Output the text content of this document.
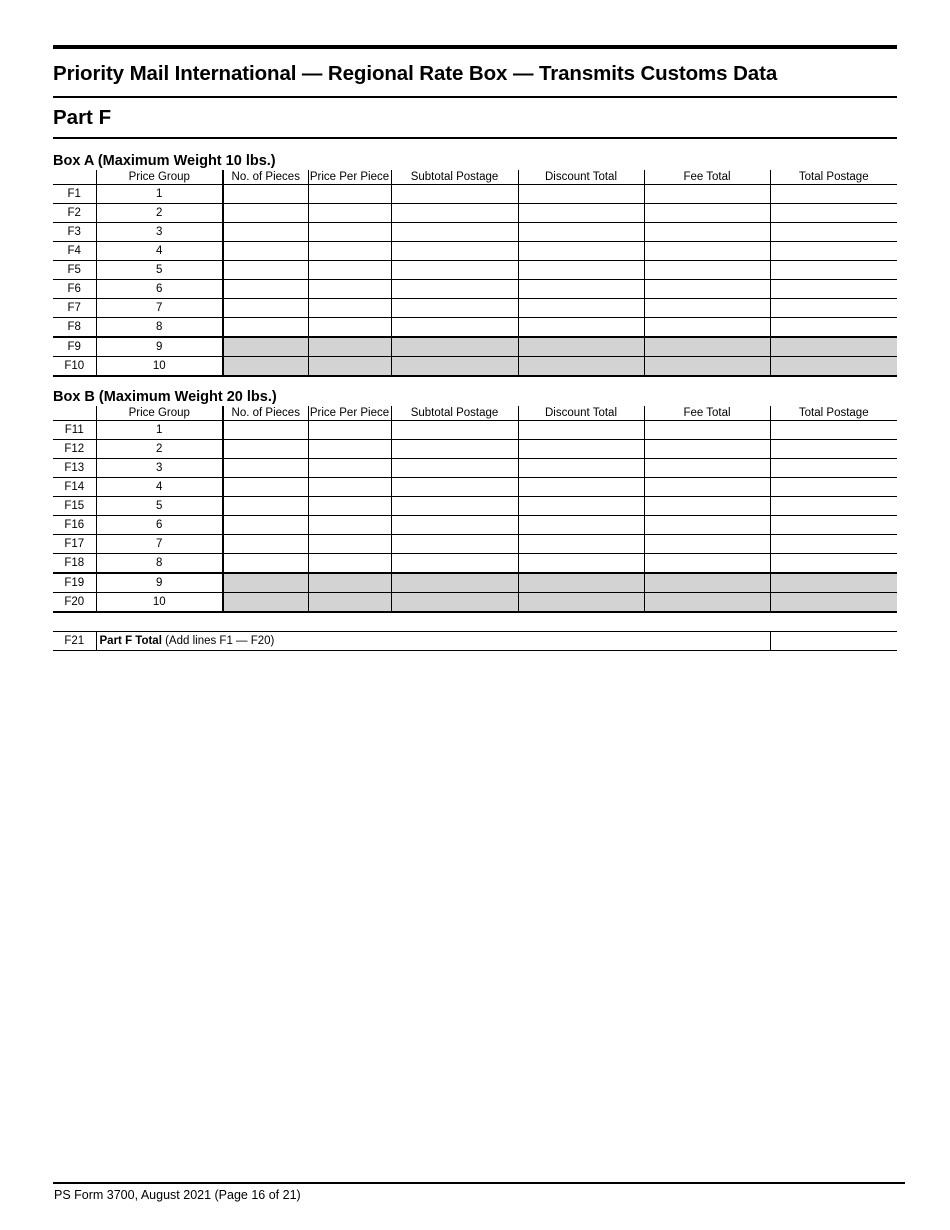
Priority Mail International — Regional Rate Box — Transmits Customs Data
Part F
Box A (Maximum Weight 10 lbs.)
	Price Group	No. of Pieces	Price Per Piece	Subtotal Postage	Discount Total	Fee Total	Total Postage
F1	1						
F2	2						
F3	3						
F4	4						
F5	5						
F6	6						
F7	7						
F8	8						
F9	9						
F10	10						
Box B (Maximum Weight 20 lbs.)
	Price Group	No. of Pieces	Price Per Piece	Subtotal Postage	Discount Total	Fee Total	Total Postage
F11	1						
F12	2						
F13	3						
F14	4						
F15	5						
F16	6						
F17	7						
F18	8						
F19	9						
F20	10						
F21	Part F Total (Add lines F1 — F20)	
PS Form 3700, August 2021 (Page 16 of 21)
